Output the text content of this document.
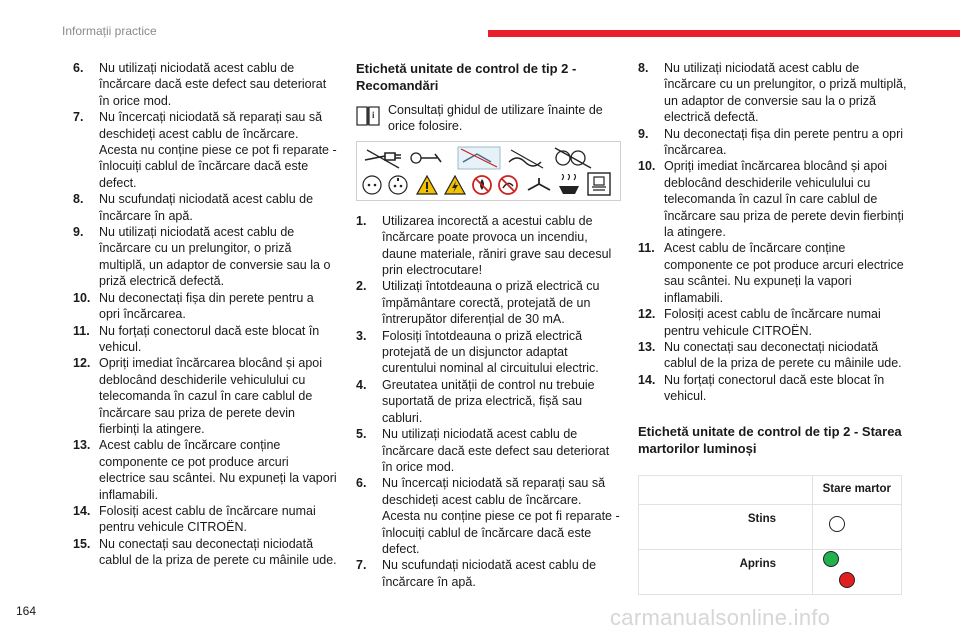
Informații practice
6. Nu utilizați niciodată acest cablu de încărcare dacă este defect sau deteriorat în orice mod.
7. Nu încercați niciodată să reparați sau să deschideți acest cablu de încărcare. Acesta nu conține piese ce pot fi reparate - înlocuiți cablul de încărcare dacă este defect.
8. Nu scufundați niciodată acest cablu de încărcare în apă.
9. Nu utilizați niciodată acest cablu de încărcare cu un prelungitor, o priză multiplă, un adaptor de conversie sau la o priză electrică defectă.
10. Nu deconectați fișa din perete pentru a opri încărcarea.
11. Nu forțați conectorul dacă este blocat în vehicul.
12. Opriți imediat încărcarea blocând și apoi deblocând deschiderile vehiculului cu telecomanda în cazul în care cablul de încărcare sau priza de perete devin fierbinți la atingere.
13. Acest cablu de încărcare conține componente ce pot produce arcuri electrice sau scântei. Nu expuneți la vapori inflamabili.
14. Folosiți acest cablu de încărcare numai pentru vehicule CITROËN.
15. Nu conectați sau deconectați niciodată cablul de la priza de perete cu mâinile ude.
Etichetă unitate de control de tip 2 - Recomandări
i Consultați ghidul de utilizare înainte de orice folosire.
1. Utilizarea incorectă a acestui cablu de încărcare poate provoca un incendiu, daune materiale, răniri grave sau decesul prin electrocutare!
2. Utilizați întotdeauna o priză electrică cu împământare corectă, protejată de un întrerupător diferențial de 30 mA.
3. Folosiți întotdeauna o priză electrică protejată de un disjunctor adaptat curentului nominal al circuitului electric.
4. Greutatea unității de control nu trebuie suportată de priza electrică, fișă sau cabluri.
5. Nu utilizați niciodată acest cablu de încărcare dacă este defect sau deteriorat în orice mod.
6. Nu încercați niciodată să reparați sau să deschideți acest cablu de încărcare. Acesta nu conține piese ce pot fi reparate - înlocuiți cablul de încărcare dacă este defect.
7. Nu scufundați niciodată acest cablu de încărcare în apă.
8. Nu utilizați niciodată acest cablu de încărcare cu un prelungitor, o priză multiplă, un adaptor de conversie sau la o priză electrică defectă.
9. Nu deconectați fișa din perete pentru a opri încărcarea.
10. Opriți imediat încărcarea blocând și apoi deblocând deschiderile vehiculului cu telecomanda în cazul în care cablul de încărcare sau priza de perete devin fierbinți la atingere.
11. Acest cablu de încărcare conține componente ce pot produce arcuri electrice sau scântei. Nu expuneți la vapori inflamabili.
12. Folosiți acest cablu de încărcare numai pentru vehicule CITROËN.
13. Nu conectați sau deconectați niciodată cablul de la priza de perete cu mâinile ude.
14. Nu forțați conectorul dacă este blocat în vehicul.
Etichetă unitate de control de tip 2 - Starea martorilor luminoși
	Stare martor
Stins	
Aprins	
164	carmanualsonline.info
